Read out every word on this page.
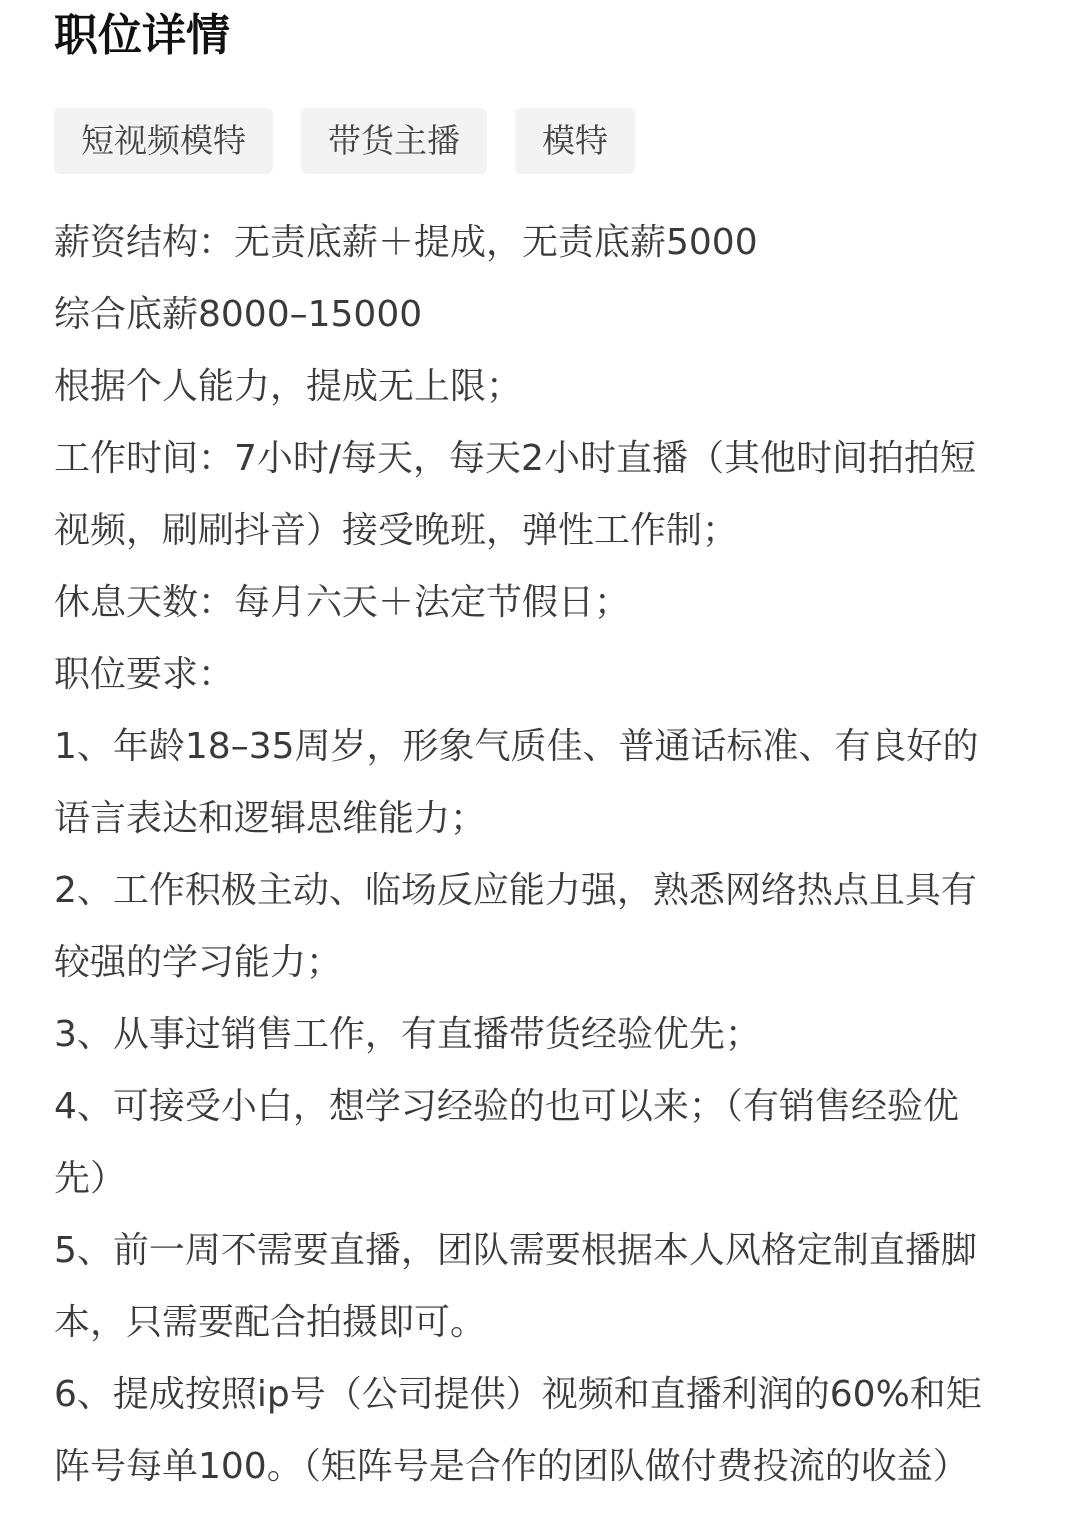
职位详情
短视频模特	带货主播	模特
薪资结构：无责底薪＋提成，无责底薪5000
综合底薪8000–15000
根据个人能力，提成无上限；
工作时间：7小时/每天，每天2小时直播（其他时间拍拍短
视频，刷刷抖音）接受晚班，弹性工作制；
休息天数：每月六天＋法定节假日；
职位要求：
1、年龄18–35周岁，形象气质佳、普通话标准、有良好的
语言表达和逻辑思维能力；
2、工作积极主动、临场反应能力强，熟悉网络热点且具有
较强的学习能力；
3、从事过销售工作，有直播带货经验优先；
4、可接受小白，想学习经验的也可以来；（有销售经验优
先）
5、前一周不需要直播，团队需要根据本人风格定制直播脚
本，只需要配合拍摄即可。
6、提成按照ip号（公司提供）视频和直播利润的60%和矩
阵号每单100。（矩阵号是合作的团队做付费投流的收益）
